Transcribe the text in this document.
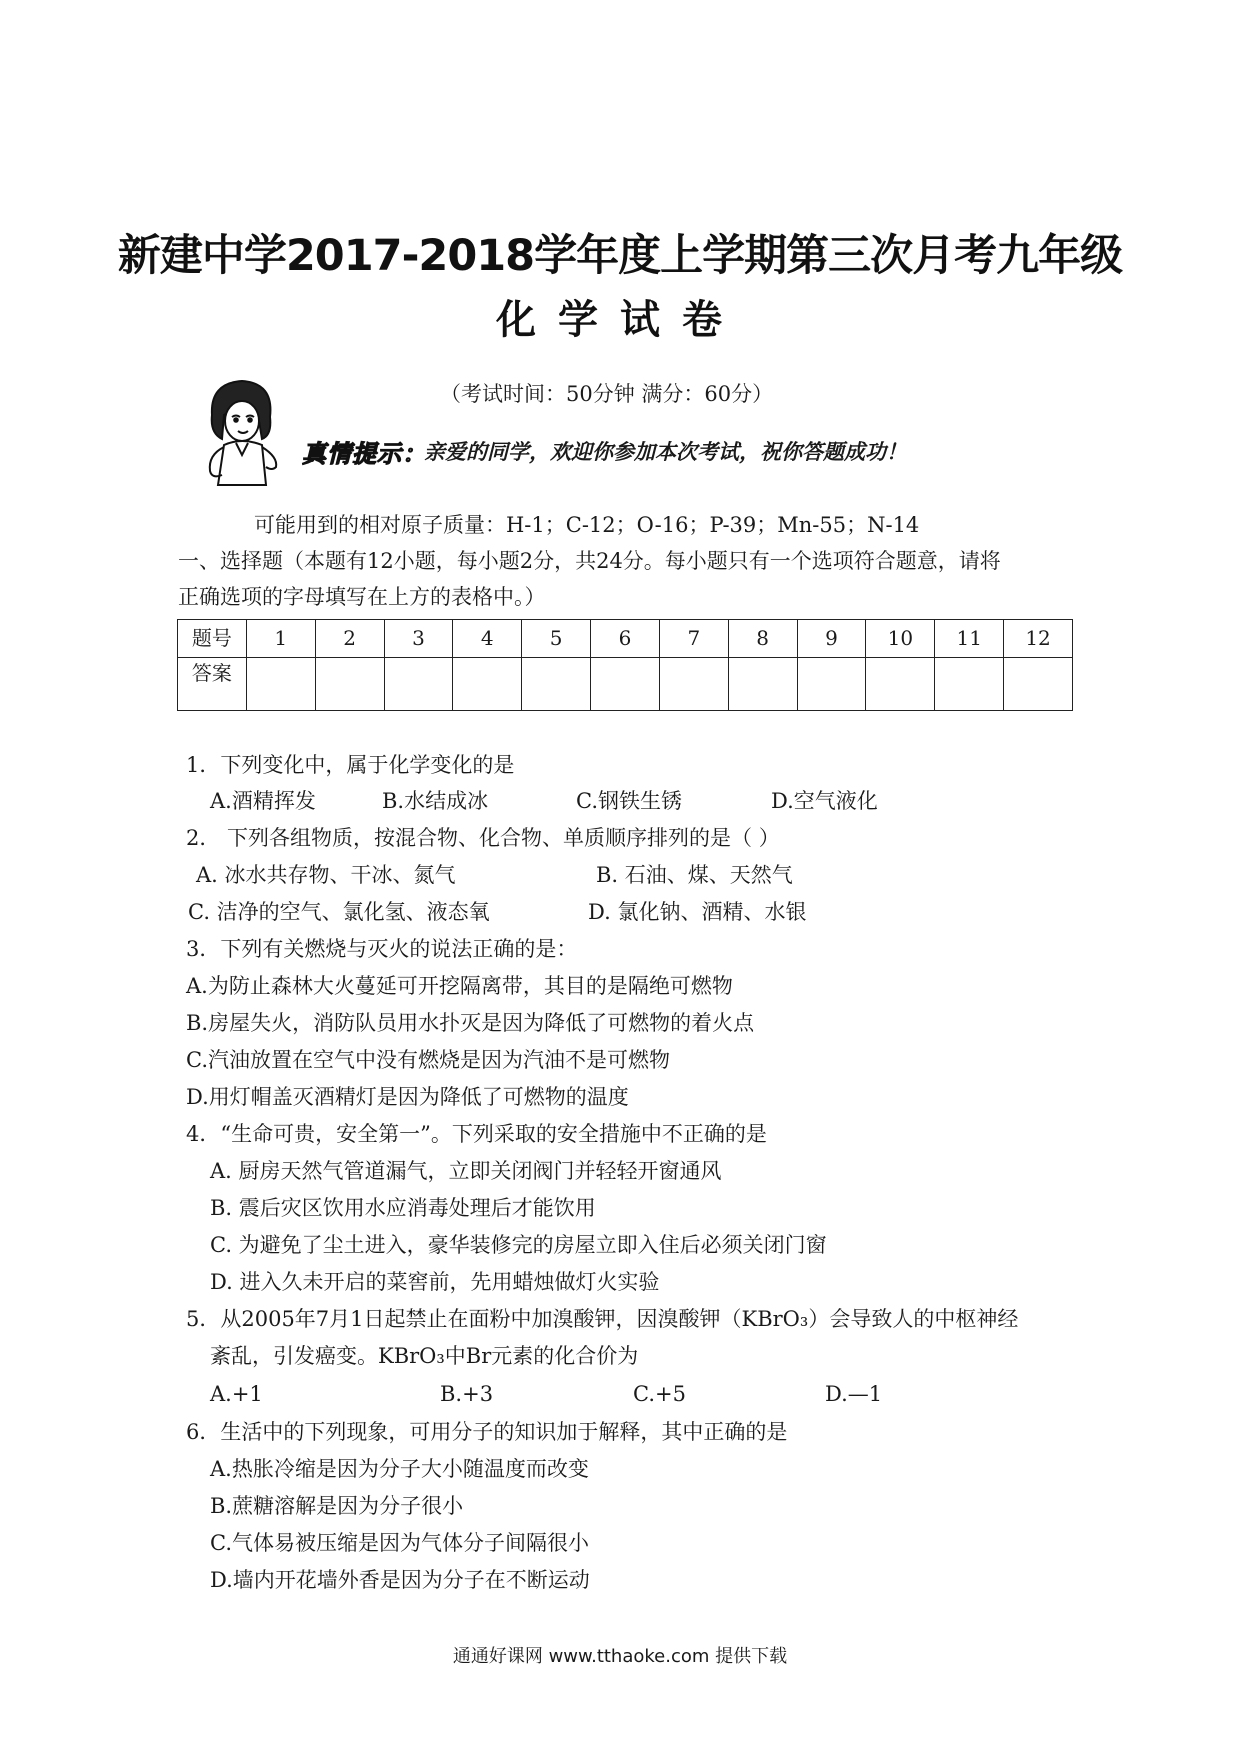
新建中学2017-2018学年度上学期第三次月考九年级
化学试卷
（考试时间：50分钟 满分：60分）
真情提示：
亲爱的同学，欢迎你参加本次考试，祝你答题成功！
可能用到的相对原子质量：H-1；C-12；O-16；P-39；Mn-55；N-14
一、选择题（本题有12小题，每小题2分，共24分。每小题只有一个选项符合题意，请将
正确选项的字母填写在上方的表格中。）
题号	1	2	3	4	5	6	7	8	9	10	11	12
答案												
1．下列变化中，属于化学变化的是
A.酒精挥发	B.水结成冰	C.钢铁生锈	D.空气液化
2． 下列各组物质，按混合物、化合物、单质顺序排列的是（ ）
A. 冰水共存物、干冰、氮气	B. 石油、煤、天然气
C. 洁净的空气、氯化氢、液态氧	D. 氯化钠、酒精、水银
3．下列有关燃烧与灭火的说法正确的是：
A.为防止森林大火蔓延可开挖隔离带，其目的是隔绝可燃物
B.房屋失火，消防队员用水扑灭是因为降低了可燃物的着火点
C.汽油放置在空气中没有燃烧是因为汽油不是可燃物
D.用灯帽盖灭酒精灯是因为降低了可燃物的温度
4．“生命可贵，安全第一”。下列采取的安全措施中不正确的是
A. 厨房天然气管道漏气，立即关闭阀门并轻轻开窗通风
B. 震后灾区饮用水应消毒处理后才能饮用
C. 为避免了尘土进入，豪华装修完的房屋立即入住后必须关闭门窗
D. 进入久未开启的菜窖前，先用蜡烛做灯火实验
5．从2005年7月1日起禁止在面粉中加溴酸钾，因溴酸钾（KBrO₃）会导致人的中枢神经
紊乱，引发癌变。KBrO₃中Br元素的化合价为
A.+1	B.+3	C.+5	D.—1
6．生活中的下列现象，可用分子的知识加于解释，其中正确的是
A.热胀冷缩是因为分子大小随温度而改变
B.蔗糖溶解是因为分子很小
C.气体易被压缩是因为气体分子间隔很小
D.墙内开花墙外香是因为分子在不断运动
通通好课网 www.tthaoke.com 提供下载
